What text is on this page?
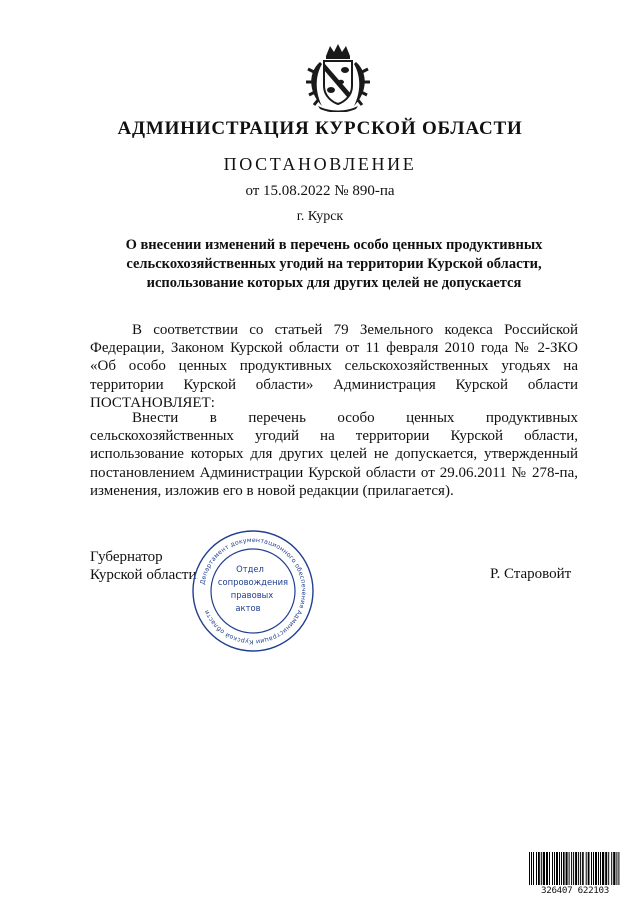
АДМИНИСТРАЦИЯ КУРСКОЙ ОБЛАСТИ
ПОСТАНОВЛЕНИЕ
от 15.08.2022 № 890-па
г. Курск
О внесении изменений в перечень особо ценных продуктивных
сельскохозяйственных угодий на территории Курской области,
использование которых для других целей не допускается
В соответствии со статьей 79 Земельного кодекса Российской Федерации, Законом Курской области от 11 февраля 2010 года № 2-ЗКО «Об особо ценных продуктивных сельскохозяйственных угодьях на территории Курской области» Администрация Курской области ПОСТАНОВЛЯЕТ:
Внести в перечень особо ценных продуктивных сельскохозяйственных угодий на территории Курской области, использование которых для других целей не допускается, утвержденный постановлением Администрации Курской области от 29.06.2011 № 278-па, изменения, изложив его в новой редакции (прилагается).
Губернатор
Курской области Департамент документационного обеспечения Администрации Курской области
Отдел
сопровождения
правовых
актов
Р. Старовойт
326407 622103
